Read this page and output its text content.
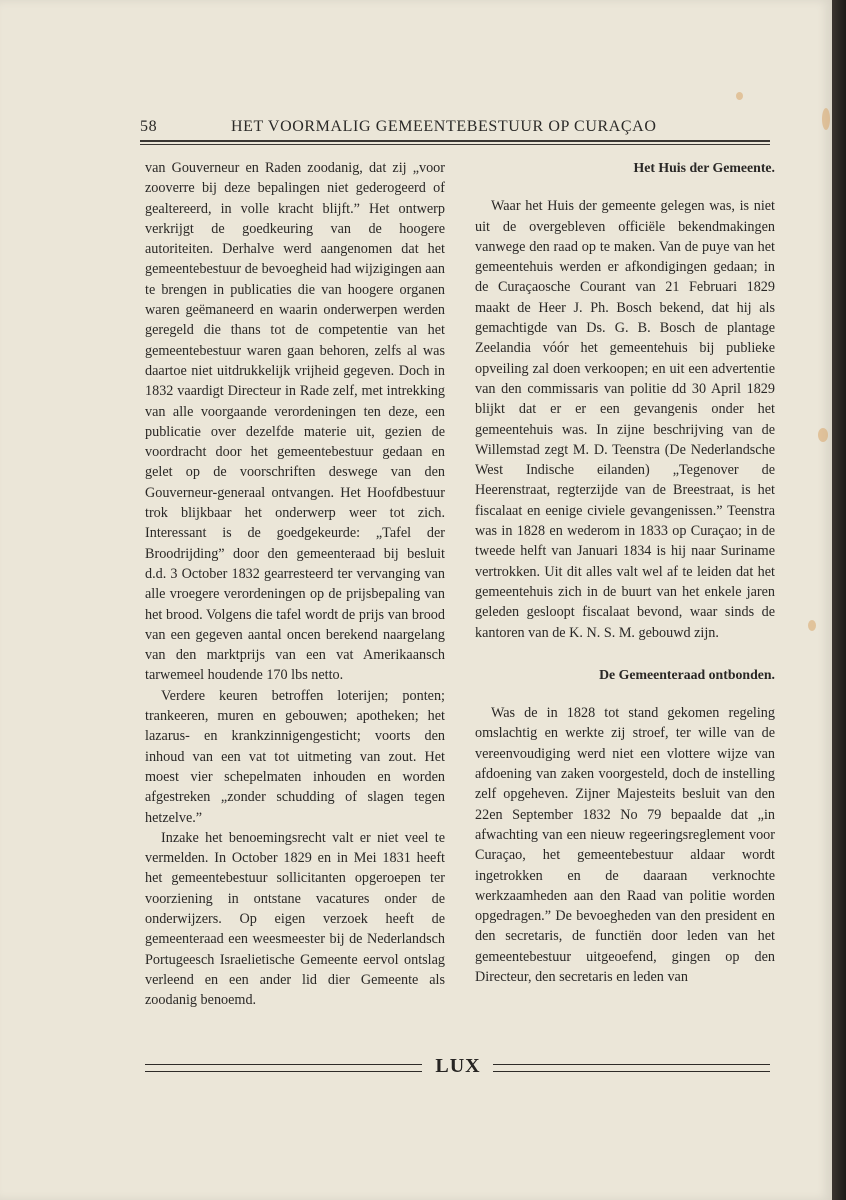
58	HET VOORMALIG GEMEENTEBESTUUR OP CURAÇAO

van Gouverneur en Raden zoodanig, dat zij „voor zooverre bij deze bepalingen niet gederogeerd of gealtereerd, in volle kracht blijft.” Het ontwerp verkrijgt de goedkeuring van de hoogere autoriteiten. Derhalve werd aangenomen dat het gemeentebestuur de bevoegheid had wijzigingen aan te brengen in publicaties die van hoogere organen waren geëmaneerd en waarin onderwerpen werden geregeld die thans tot de competentie van het gemeentebestuur waren gaan behoren, zelfs al was daartoe niet uitdrukkelijk vrijheid gegeven. Doch in 1832 vaardigt Directeur in Rade zelf, met intrekking van alle voorgaande verordeningen ten deze, een publicatie over dezelfde materie uit, gezien de voordracht door het gemeentebestuur gedaan en gelet op de voorschriften deswege van den Gouverneur-generaal ontvangen. Het Hoofdbestuur trok blijkbaar het onderwerp weer tot zich. Interessant is de goedgekeurde: „Tafel der Broodrijding” door den gemeenteraad bij besluit d.d. 3 October 1832 gearresteerd ter vervanging van alle vroegere verordeningen op de prijsbepaling van het brood. Volgens die tafel wordt de prijs van brood van een gegeven aantal oncen berekend naargelang van den marktprijs van een vat Amerikaansch tarwemeel houdende 170 lbs netto.

Verdere keuren betroffen loterijen; ponten; trankeeren, muren en gebouwen; apotheken; het lazarus- en krankzinnigengesticht; voorts den inhoud van een vat tot uitmeting van zout. Het moest vier schepelmaten inhouden en worden afgestreken „zonder schudding of slagen tegen hetzelve.”

Inzake het benoemingsrecht valt er niet veel te vermelden. In October 1829 en in Mei 1831 heeft het gemeentebestuur sollicitanten opgeroepen ter voorziening in ontstane vacatures onder de onderwijzers. Op eigen verzoek heeft de gemeenteraad een weesmeester bij de Nederlandsch Portugeesch Israelietische Gemeente eervol ontslag verleend en een ander lid dier Gemeente als zoodanig benoemd.

Het Huis der Gemeente.

Waar het Huis der gemeente gelegen was, is niet uit de overgebleven officiële bekendmakingen vanwege den raad op te maken. Van de puye van het gemeentehuis werden er afkondigingen gedaan; in de Curaçaosche Courant van 21 Februari 1829 maakt de Heer J. Ph. Bosch bekend, dat hij als gemachtigde van Ds. G. B. Bosch de plantage Zeelandia vóór het gemeentehuis bij publieke opveiling zal doen verkoopen; en uit een advertentie van den commissaris van politie dd 30 April 1829 blijkt dat er er een gevangenis onder het gemeentehuis was. In zijne beschrijving van de Willemstad zegt M. D. Teenstra (De Nederlandsche West Indische eilanden) „Tegenover de Heerenstraat, regterzijde van de Breestraat, is het fiscalaat en eenige civiele gevangenissen.” Teenstra was in 1828 en wederom in 1833 op Curaçao; in de tweede helft van Januari 1834 is hij naar Suriname vertrokken. Uit dit alles valt wel af te leiden dat het gemeentehuis zich in de buurt van het enkele jaren geleden gesloopt fiscalaat bevond, waar sinds de kantoren van de K. N. S. M. gebouwd zijn.

De Gemeenteraad ontbonden.

Was de in 1828 tot stand gekomen regeling omslachtig en werkte zij stroef, ter wille van de vereenvoudiging werd niet een vlottere wijze van afdoening van zaken voorgesteld, doch de instelling zelf opgeheven. Zijner Majesteits besluit van den 22en September 1832 No 79 bepaalde dat „in afwachting van een nieuw regeeringsreglement voor Curaçao, het gemeentebestuur aldaar wordt ingetrokken en de daaraan verknochte werkzaamheden aan den Raad van politie worden opgedragen.” De bevoegheden van den president en den secretaris, de functiën door leden van het gemeentebestuur uitgeoefend, gingen op den Directeur, den secretaris en leden van

LUX
